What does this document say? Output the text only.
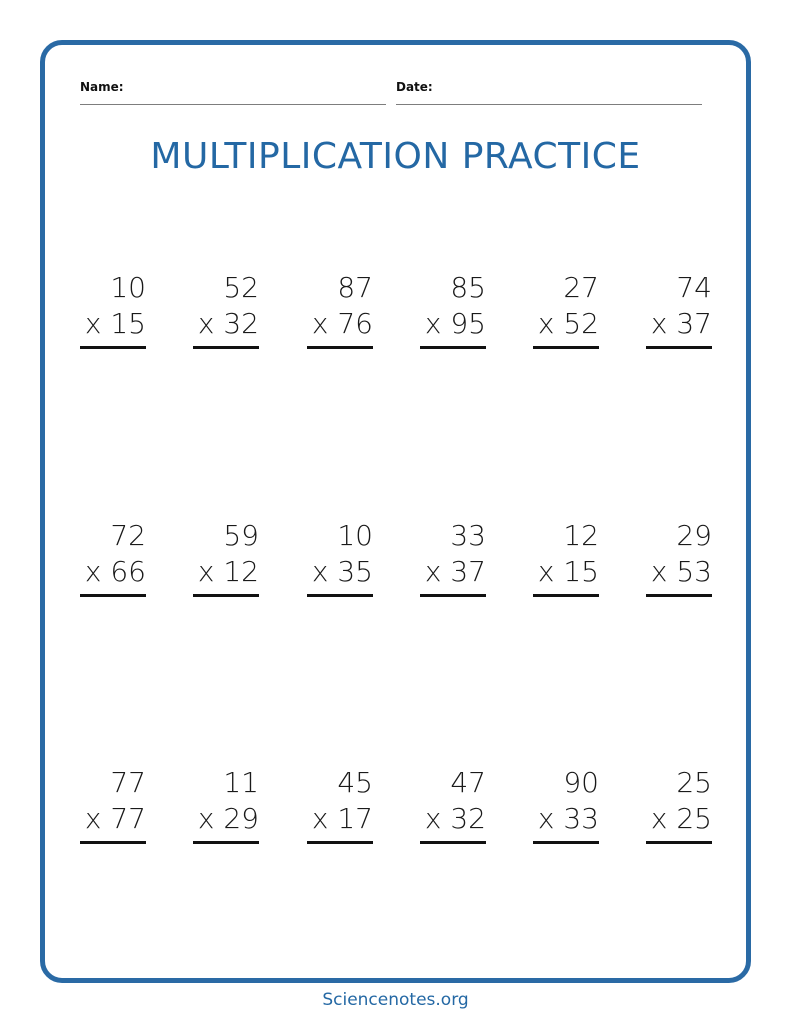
Name:	Date:
MULTIPLICATION PRACTICE
10
x 15
52
x 32
87
x 76
85
x 95
27
x 52
74
x 37
72
x 66
59
x 12
10
x 35
33
x 37
12
x 15
29
x 53
77
x 77
11
x 29
45
x 17
47
x 32
90
x 33
25
x 25
Sciencenotes.org
